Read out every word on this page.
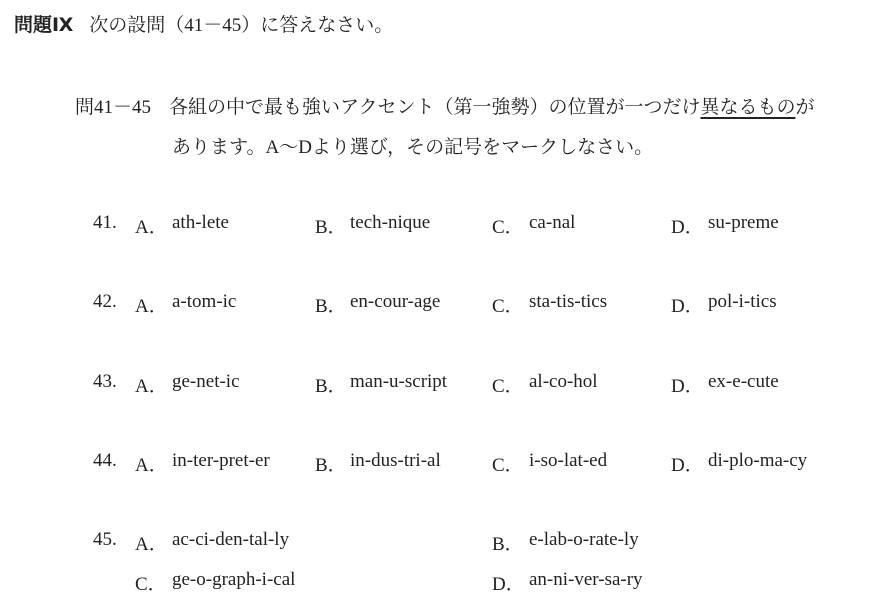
問題Ⅸ 次の設問（41－45）に答えなさい。
問41－45 各組の中で最も強いアクセント（第一強勢）の位置が一つだけ異なるものが
あります。A～Dより選び，その記号をマークしなさい。
41. A． ath-lete	B． tech-nique	C． ca-nal	D． su-preme
42. A． a-tom-ic	B． en-cour-age	C． sta-tis-tics	D． pol-i-tics
43. A． ge-net-ic	B． man-u-script C． al-co-hol	D． ex-e-cute
44. A． in-ter-pret-er B． in-dus-tri-al	C． i-so-lat-ed	D． di-plo-ma-cy
45. A． ac-ci-den-tal-ly	B． e-lab-o-rate-ly
C． ge-o-graph-i-cal	D． an-ni-ver-sa-ry
